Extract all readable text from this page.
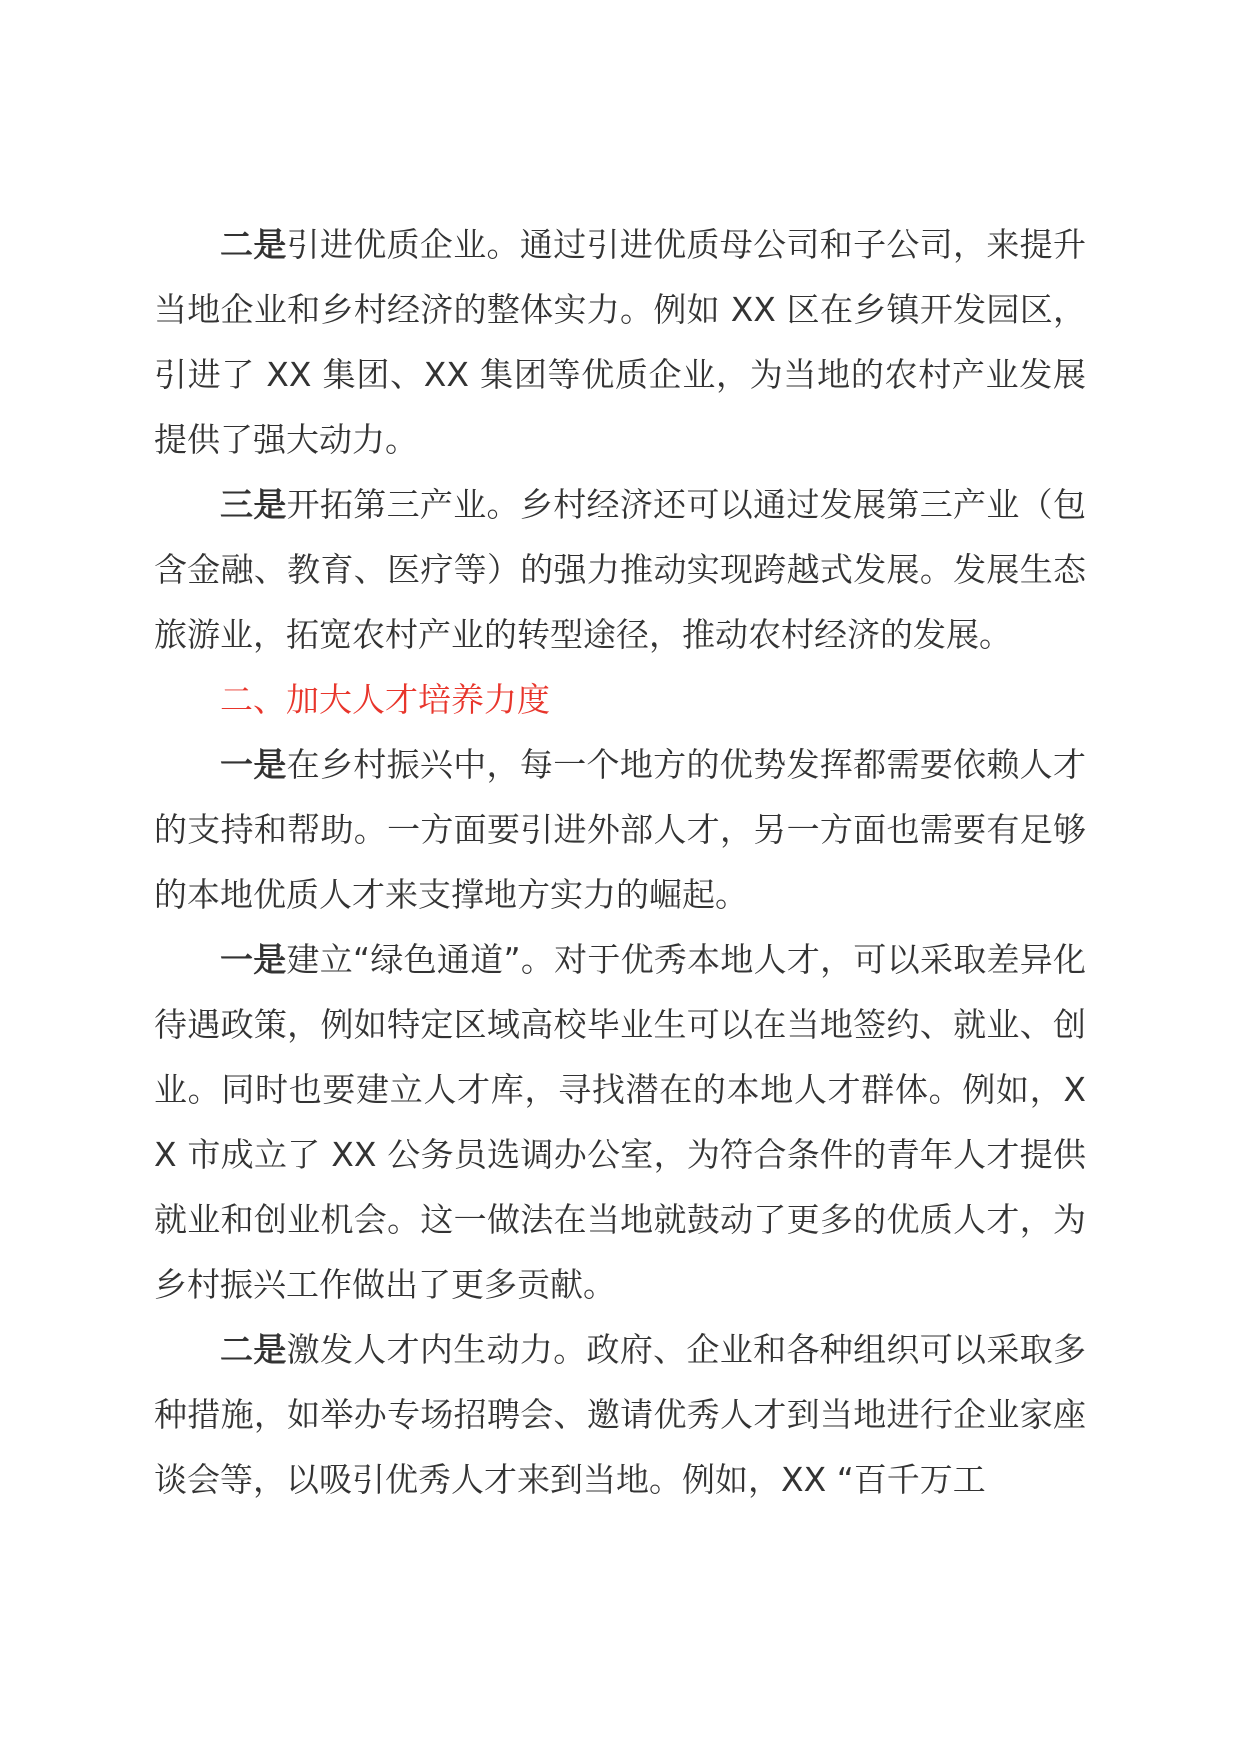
二是引进优质企业。通过引进优质母公司和子公司，来提升当地企业和乡村经济的整体实力。例如 XX 区在乡镇开发园区，引进了 XX 集团、XX 集团等优质企业，为当地的农村产业发展提供了强大动力。

三是开拓第三产业。乡村经济还可以通过发展第三产业（包含金融、教育、医疗等）的强力推动实现跨越式发展。发展生态旅游业，拓宽农村产业的转型途径，推动农村经济的发展。

二、加大人才培养力度

一是在乡村振兴中，每一个地方的优势发挥都需要依赖人才的支持和帮助。一方面要引进外部人才，另一方面也需要有足够的本地优质人才来支撑地方实力的崛起。

一是建立“绿色通道”。对于优秀本地人才，可以采取差异化待遇政策，例如特定区域高校毕业生可以在当地签约、就业、创业。同时也要建立人才库，寻找潜在的本地人才群体。例如，XX 市成立了 XX 公务员选调办公室，为符合条件的青年人才提供就业和创业机会。这一做法在当地就鼓动了更多的优质人才，为乡村振兴工作做出了更多贡献。

二是激发人才内生动力。政府、企业和各种组织可以采取多种措施，如举办专场招聘会、邀请优秀人才到当地进行企业家座谈会等，以吸引优秀人才来到当地。例如，XX “百千万工
